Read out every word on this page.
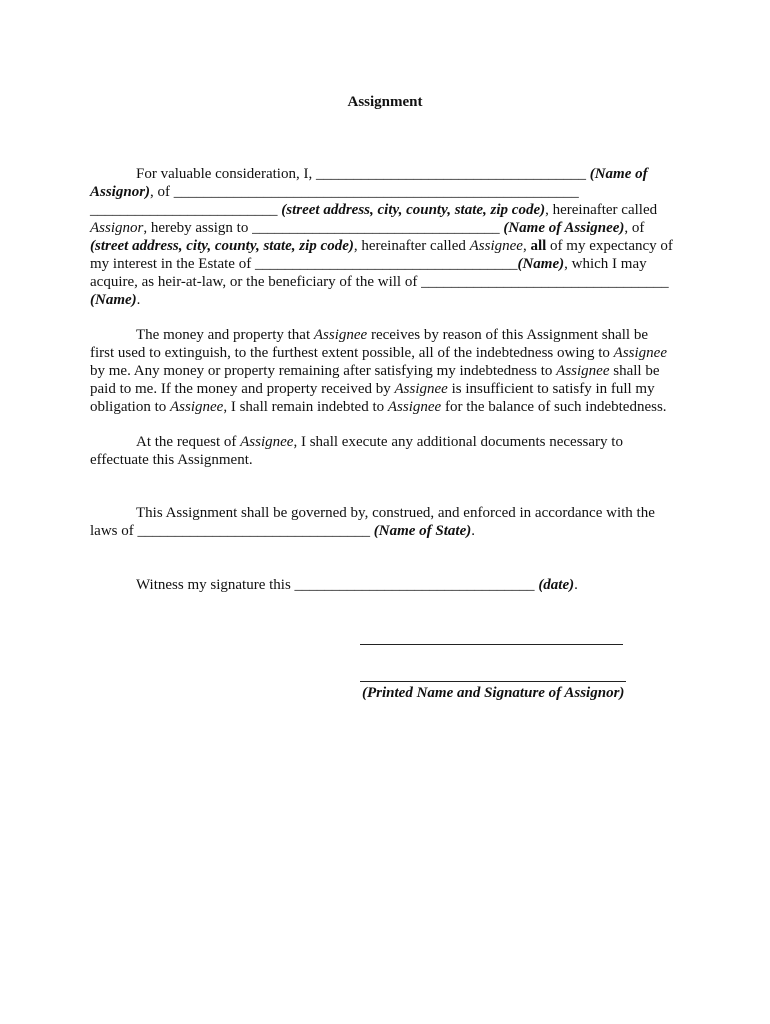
Assignment
For valuable consideration, I, ____________________________________ (Name of
Assignor), of ______________________________________________________
_________________________ (street address, city, county, state, zip code), hereinafter called
Assignor, hereby assign to _________________________________ (Name of Assignee), of
(street address, city, county, state, zip code), hereinafter called Assignee, all of my expectancy of
my interest in the Estate of ___________________________________(Name), which I may
acquire, as heir-at-law, or the beneficiary of the will of _________________________________
(Name).
The money and property that Assignee receives by reason of this Assignment shall be
first used to extinguish, to the furthest extent possible, all of the indebtedness owing to Assignee
by me. Any money or property remaining after satisfying my indebtedness to Assignee shall be
paid to me. If the money and property received by Assignee is insufficient to satisfy in full my
obligation to Assignee, I shall remain indebted to Assignee for the balance of such indebtedness.
At the request of Assignee, I shall execute any additional documents necessary to
effectuate this Assignment.
This Assignment shall be governed by, construed, and enforced in accordance with the
laws of _______________________________ (Name of State).
Witness my signature this ________________________________ (date).
(Printed Name and Signature of Assignor)
